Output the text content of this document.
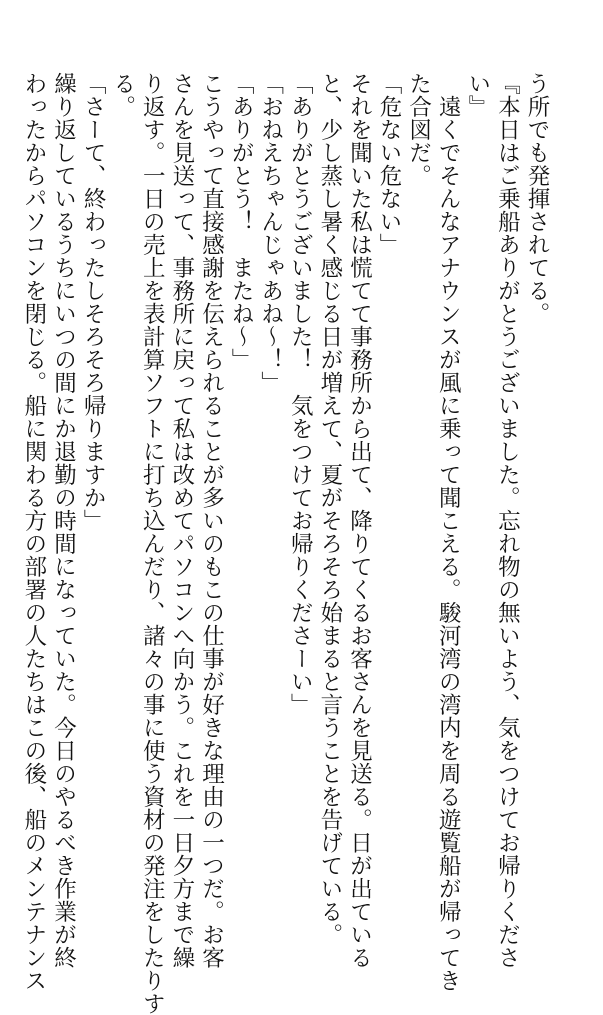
う所でも発揮されてる。
『本日はご乗船ありがとうございました。忘れ物の無いよう、気をつけてお帰りくださ
い』
遠くでそんなアナウンスが風に乗って聞こえる。駿河湾の湾内を周る遊覧船が帰ってき
た合図だ。
「危ない危ない」
それを聞いた私は慌てて事務所から出て、降りてくるお客さんを見送る。日が出ている
と、少し蒸し暑く感じる日が増えて、夏がそろそろ始まると言うことを告げている。
「ありがとうございました！　気をつけてお帰りくださーい」
「おねえちゃんじゃあね～！」
「ありがとう！　またね～」
こうやって直接感謝を伝えられることが多いのもこの仕事が好きな理由の一つだ。お客
さんを見送って、事務所に戻って私は改めてパソコンへ向かう。これを一日夕方まで繰
り返す。一日の売上を表計算ソフトに打ち込んだり、諸々の事に使う資材の発注をしたりす
る。
「さーて、終わったしそろそろ帰りますか」
繰り返しているうちにいつの間にか退勤の時間になっていた。今日のやるべき作業が終
わったからパソコンを閉じる。船に関わる方の部署の人たちはこの後、船のメンテナンス
